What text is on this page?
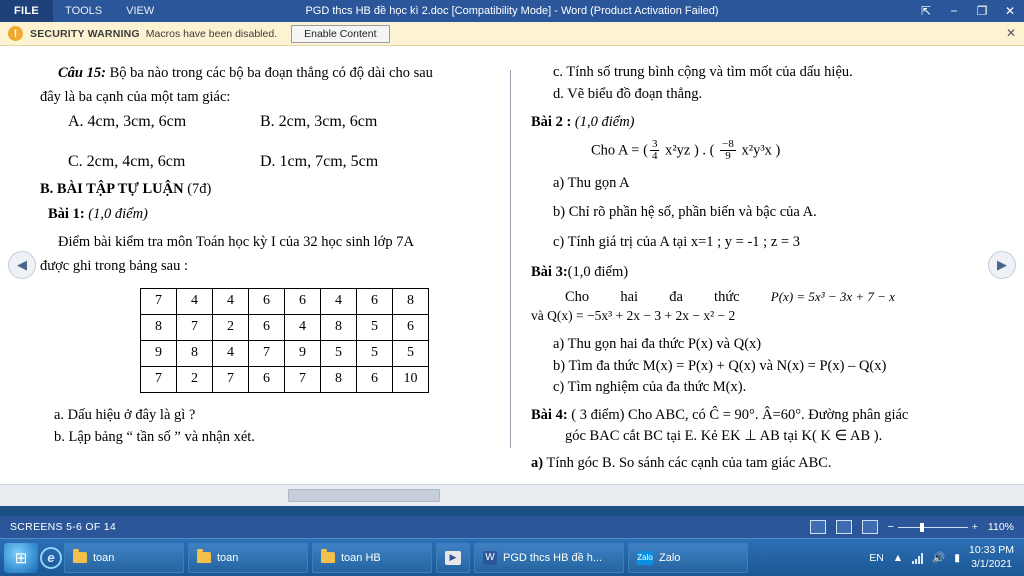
FILE	TOOLS	VIEW	PGD thcs HB đề học kì 2.doc [Compatibility Mode] - Word (Product Activation Failed)	⇱	−	❐	✕
!	SECURITY WARNING Macros have been disabled.	Enable Content	✕

Câu 15: Bộ ba nào trong các bộ ba đoạn thẳng có độ dài cho sau

đây là ba cạnh của một tam giác:

A. 4cm, 3cm, 6cm	B. 2cm, 3cm, 6cm
C. 2cm, 4cm, 6cm	D. 1cm, 7cm, 5cm
B. BÀI TẬP TỰ LUẬN (7đ)
Bài 1: (1,0 điểm)

Điểm bài kiểm tra môn Toán học kỳ I của 32 học sinh lớp 7A

được ghi trong bảng sau :

7	4	4	6	6	4	6	8
8	7	2	6	4	8	5	6
9	8	4	7	9	5	5	5
7	2	7	6	7	8	6	10
a. Dấu hiệu ở đây là gì ?
b. Lập bảng “ tần số ” và nhận xét.
c. Tính số trung bình cộng và tìm mốt của dấu hiệu.
d. Vẽ biểu đồ đoạn thẳng.
Bài 2 : (1,0 điểm)
Cho A = ( $\frac{3}{4} x^2yz$ ) . ( $\frac{-8}{9} x^2y^3x$ )
a) Thu gọn A
b) Chỉ rõ phần hệ số, phần biến và bậc của A.
c) Tính giá trị của A tại x=1 ; y = -1 ; z = 3
Bài 3:(1,0 điểm)
Cho hai đa thức P(x) = 5x³ − 3x + 7 − x
và Q(x) = −5x³ + 2x − 3 + 2x − x² − 2
a) Thu gọn hai đa thức P(x) và Q(x)
b) Tìm đa thức M(x) = P(x) + Q(x) và N(x) = P(x) – Q(x)
c) Tìm nghiệm của đa thức M(x).
Bài 4: ( 3 điểm) Cho ABC, có Ĉ = 90°. Â=60°. Đường phân giác
góc BAC cắt BC tại E. Kẻ EK ⊥ AB tại K( K ∈ AB ).
a) Tính góc B. So sánh các cạnh của tam giác ABC.
◀	▶
SCREENS 5-6 OF 14	−	+ 110%
⊞	e	toan	toan	toan HB	▶	W PGD thcs HB đề h...	Zalo Zalo	EN ▲	🔊 ▮
10:33 PM
3/1/2021
